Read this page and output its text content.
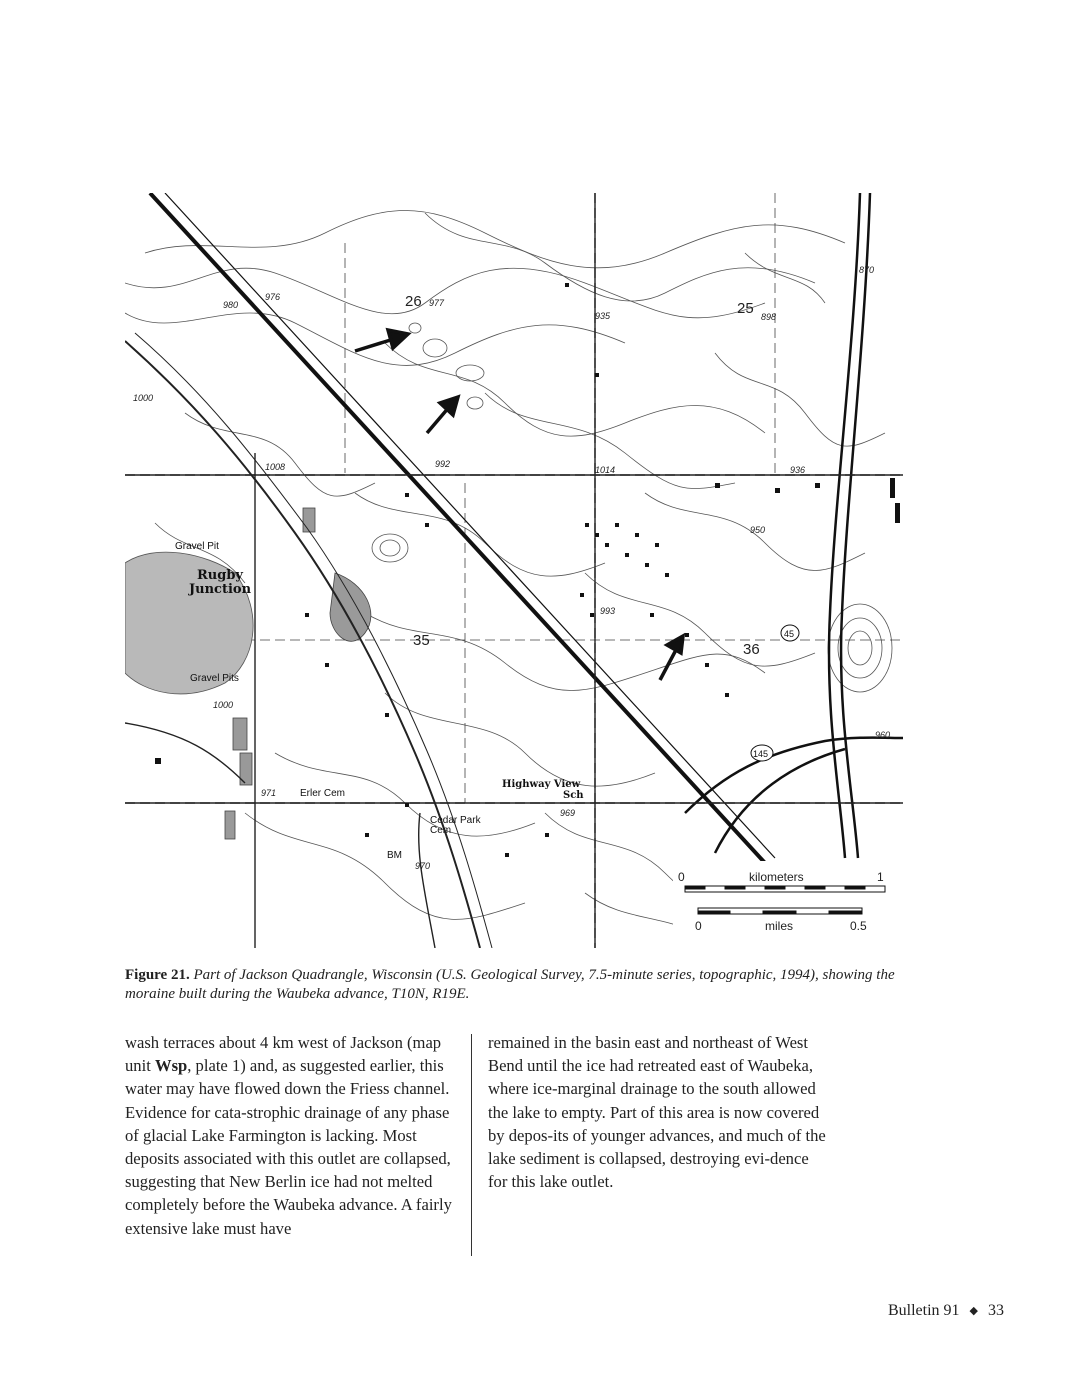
26	25
35
36
976
977
935	898
870
980
1000
1008	992
1014	936
950
993
960
971
969
970
1000
Gravel Pit
Rugby
Junction
Gravel Pits
Erler Cem
Highway View
Sch
Cedar Park
Cem
BM
45
145
0	kilometers	1
0	miles	0.5
Figure 21. Part of Jackson Quadrangle, Wisconsin (U.S. Geological Survey, 7.5-minute series, topographic, 1994), showing the moraine built during the Waubeka advance, T10N, R19E.

wash terraces about 4 km west of Jackson (map unit Wsp, plate 1) and, as suggested earlier, this water may have flowed down the Friess channel. Evidence for cata-strophic drainage of any phase of glacial Lake Farmington is lacking. Most deposits associated with this outlet are collapsed, suggesting that New Berlin ice had not melted completely before the Waubeka advance. A fairly extensive lake must have

remained in the basin east and northeast of West Bend until the ice had retreated east of Waubeka, where ice-marginal drainage to the south allowed the lake to empty. Part of this area is now covered by depos-its of younger advances, and much of the lake sediment is collapsed, destroying evi-dence for this lake outlet.

Bulletin 91 ◆ 33
